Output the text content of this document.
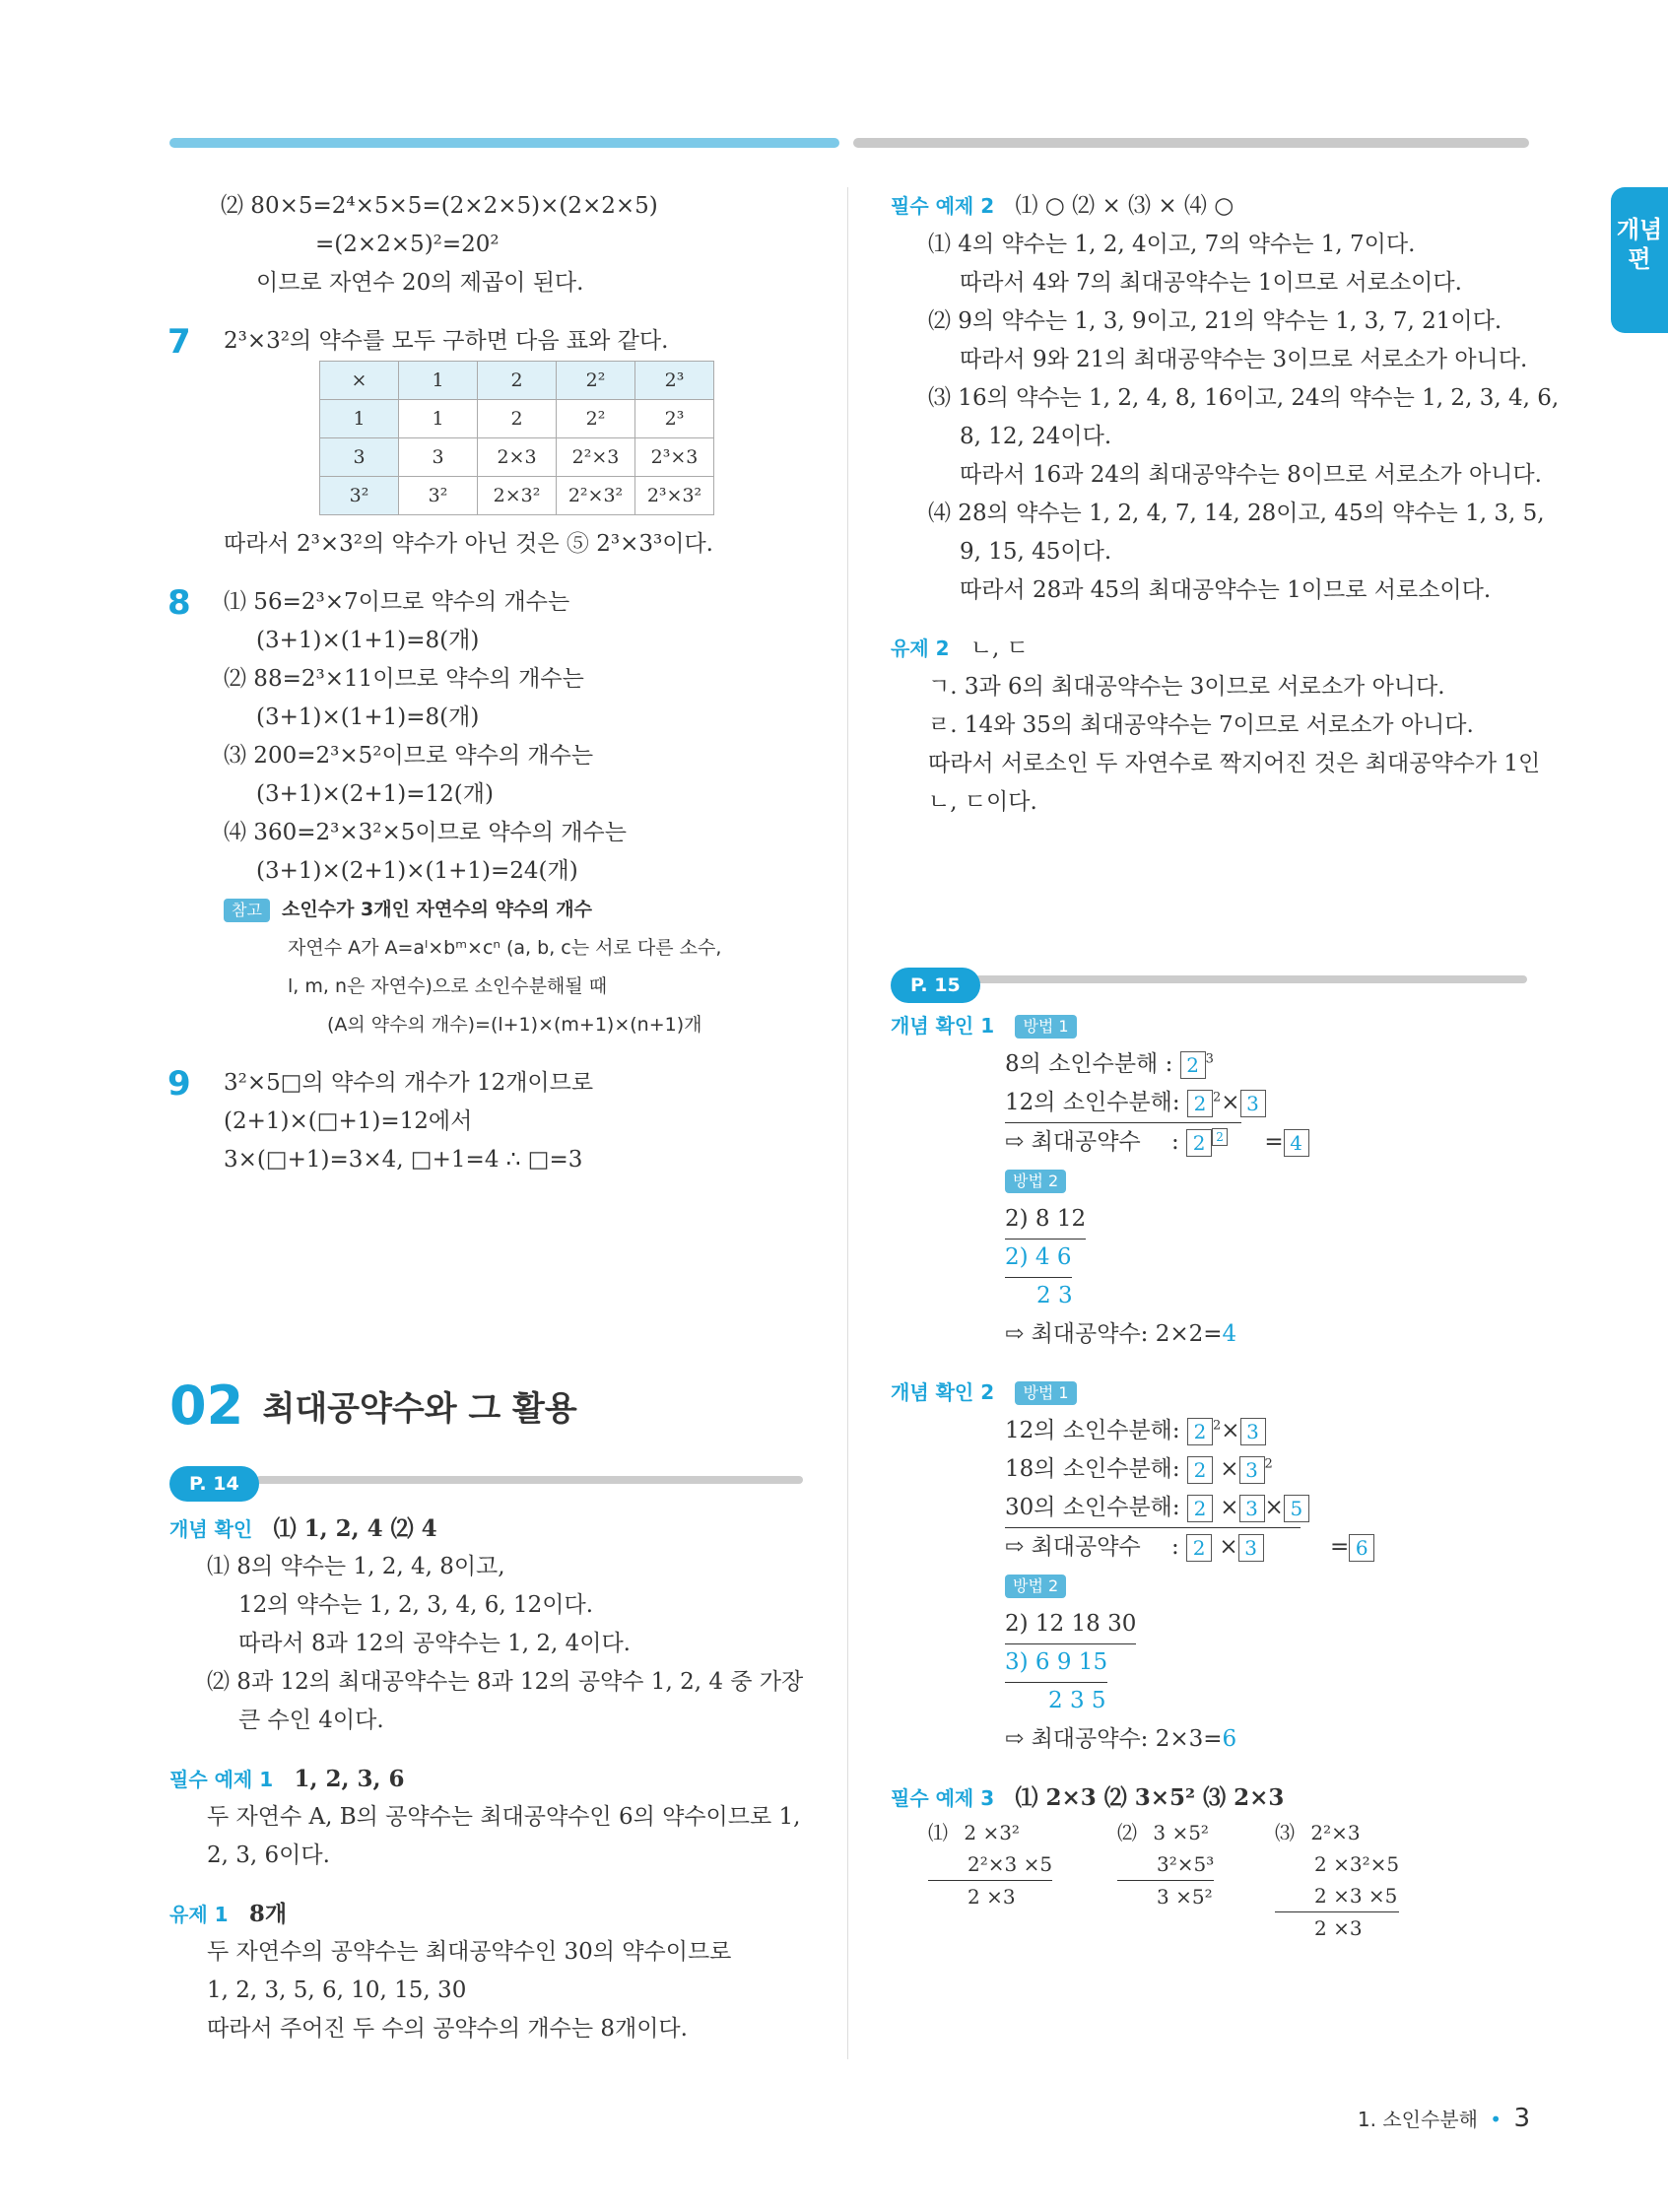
개념편
⑵ 80×5=2⁴×5×5=(2×2×5)×(2×2×5)
=(2×2×5)²=20²
이므로 자연수 20의 제곱이 된다.
7	2³×3²의 약수를 모두 구하면 다음 표와 같다.
×	1	2	2²	2³
1	1	2	2²	2³
3	3	2×3	2²×3	2³×3
3²	3²	2×3²	2²×3²	2³×3²
따라서 2³×3²의 약수가 아닌 것은 ⑤ 2³×3³이다.
8	⑴ 56=2³×7이므로 약수의 개수는
(3+1)×(1+1)=8(개)
⑵ 88=2³×11이므로 약수의 개수는
(3+1)×(1+1)=8(개)
⑶ 200=2³×5²이므로 약수의 개수는
(3+1)×(2+1)=12(개)
⑷ 360=2³×3²×5이므로 약수의 개수는
(3+1)×(2+1)×(1+1)=24(개)
참고 소인수가 3개인 자연수의 약수의 개수
자연수 A가 A=aˡ×bᵐ×cⁿ (a, b, c는 서로 다른 소수,
l, m, n은 자연수)으로 소인수분해될 때
(A의 약수의 개수)=(l+1)×(m+1)×(n+1)개
9	3²×5□의 약수의 개수가 12개이므로
(2+1)×(□+1)=12에서
3×(□+1)=3×4, □+1=4 ∴ □=3
02 최대공약수와 그 활용
P. 14
개념 확인 ⑴ 1, 2, 4 ⑵ 4
⑴ 8의 약수는 1, 2, 4, 8이고,
12의 약수는 1, 2, 3, 4, 6, 12이다.
따라서 8과 12의 공약수는 1, 2, 4이다.
⑵ 8과 12의 최대공약수는 8과 12의 공약수 1, 2, 4 중 가장
큰 수인 4이다.
필수 예제 1 1, 2, 3, 6
두 자연수 A, B의 공약수는 최대공약수인 6의 약수이므로 1,
2, 3, 6이다.
유제 1 8개
두 자연수의 공약수는 최대공약수인 30의 약수이므로
1, 2, 3, 5, 6, 10, 15, 30
따라서 주어진 두 수의 공약수의 개수는 8개이다.
필수 예제 2 ⑴ ○ ⑵ × ⑶ × ⑷ ○
⑴ 4의 약수는 1, 2, 4이고, 7의 약수는 1, 7이다.
따라서 4와 7의 최대공약수는 1이므로 서로소이다.
⑵ 9의 약수는 1, 3, 9이고, 21의 약수는 1, 3, 7, 21이다.
따라서 9와 21의 최대공약수는 3이므로 서로소가 아니다.
⑶ 16의 약수는 1, 2, 4, 8, 16이고, 24의 약수는 1, 2, 3, 4, 6,
8, 12, 24이다.
따라서 16과 24의 최대공약수는 8이므로 서로소가 아니다.
⑷ 28의 약수는 1, 2, 4, 7, 14, 28이고, 45의 약수는 1, 3, 5,
9, 15, 45이다.
따라서 28과 45의 최대공약수는 1이므로 서로소이다.
유제 2 ㄴ, ㄷ
ㄱ. 3과 6의 최대공약수는 3이므로 서로소가 아니다.
ㄹ. 14와 35의 최대공약수는 7이므로 서로소가 아니다.
따라서 서로소인 두 자연수로 짝지어진 것은 최대공약수가 1인
ㄴ, ㄷ이다.
P. 15
개념 확인 1 방법 1
8의 소인수분해 : 2 $^3$
12의 소인수분해: 2 $^2$× 3
⇨ 최대공약수 : 2 $^2$ = 4
방법 2
2) 8 12
2) 4 6
2 3
⇨ 최대공약수: 2×2=4
개념 확인 2 방법 1
12의 소인수분해: 2 $^2$× 3
18의 소인수분해: 2 × 3 $^2$
30의 소인수분해: 2 × 3 × 5
⇨ 최대공약수 : 2 × 3	= 6
방법 2
2) 12 18 30
3) 6 9 15
2 3 5
⇨ 최대공약수: 2×3=6
필수 예제 3 ⑴ 2×3 ⑵ 3×5² ⑶ 2×3
⑴ 2 ×3²
2²×3 ×5
2 ×3
⑵ 3 ×5²
3²×5³
3 ×5²
⑶ 2²×3
2 ×3²×5
2 ×3 ×5
2 ×3
1. 소인수분해 • 3
